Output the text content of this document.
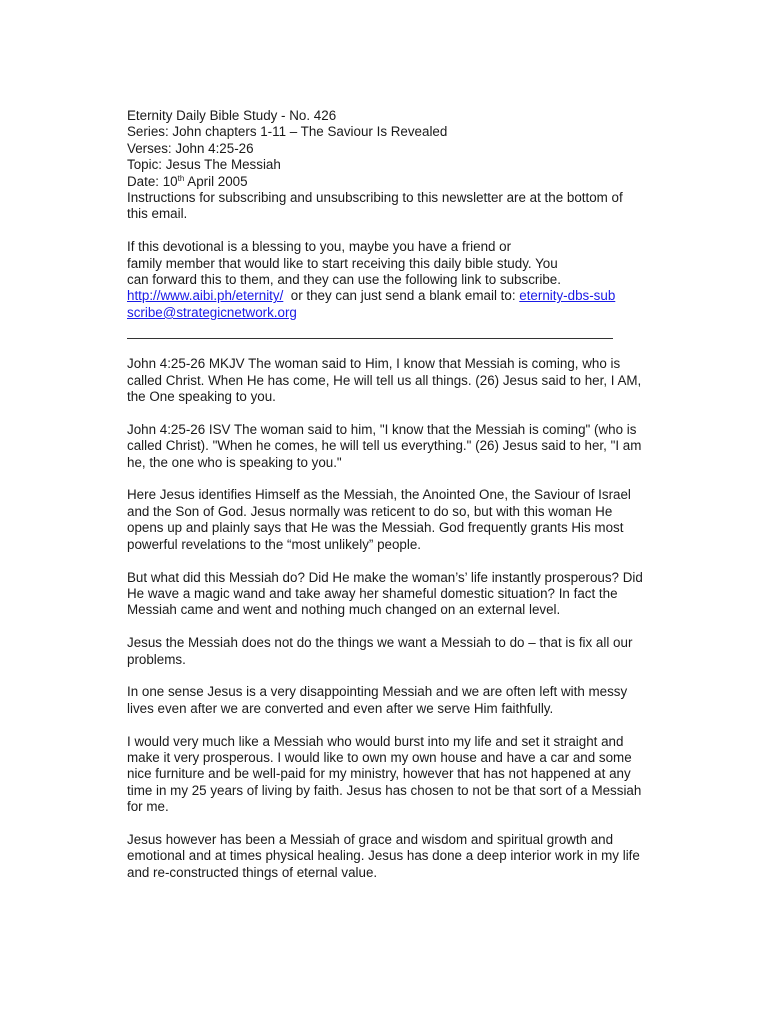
Eternity Daily Bible Study - No. 426
Series: John chapters 1-11 – The Saviour Is Revealed
Verses: John 4:25-26
Topic: Jesus The Messiah
Date: 10th April 2005
Instructions for subscribing and unsubscribing to this newsletter are at the bottom of this email.
If this devotional is a blessing to you, maybe you have a friend or
family member that would like to start receiving this daily bible study. You
can forward this to them, and they can use the following link to subscribe.
http://www.aibi.ph/eternity/  or they can just send a blank email to: eternity-dbs-subscribe@strategicnetwork.org

John 4:25-26 MKJV The woman said to Him, I know that Messiah is coming, who is called Christ. When He has come, He will tell us all things. (26) Jesus said to her, I AM, the One speaking to you.

John 4:25-26 ISV The woman said to him, "I know that the Messiah is coming" (who is called Christ). "When he comes, he will tell us everything." (26) Jesus said to her, "I am he, the one who is speaking to you."

Here Jesus identifies Himself as the Messiah, the Anointed One, the Saviour of Israel and the Son of God. Jesus normally was reticent to do so, but with this woman He opens up and plainly says that He was the Messiah. God frequently grants His most powerful revelations to the “most unlikely” people.

But what did this Messiah do? Did He make the woman’s’ life instantly prosperous? Did He wave a magic wand and take away her shameful domestic situation? In fact the Messiah came and went and nothing much changed on an external level.

Jesus the Messiah does not do the things we want a Messiah to do – that is fix all our problems.

In one sense Jesus is a very disappointing Messiah and we are often left with messy lives even after we are converted and even after we serve Him faithfully.

I would very much like a Messiah who would burst into my life and set it straight and make it very prosperous. I would like to own my own house and have a car and some nice furniture and be well-paid for my ministry, however that has not happened at any time in my 25 years of living by faith. Jesus has chosen to not be that sort of a Messiah for me.

Jesus however has been a Messiah of grace and wisdom and spiritual growth and emotional and at times physical healing. Jesus has done a deep interior work in my life and re-constructed things of eternal value.
